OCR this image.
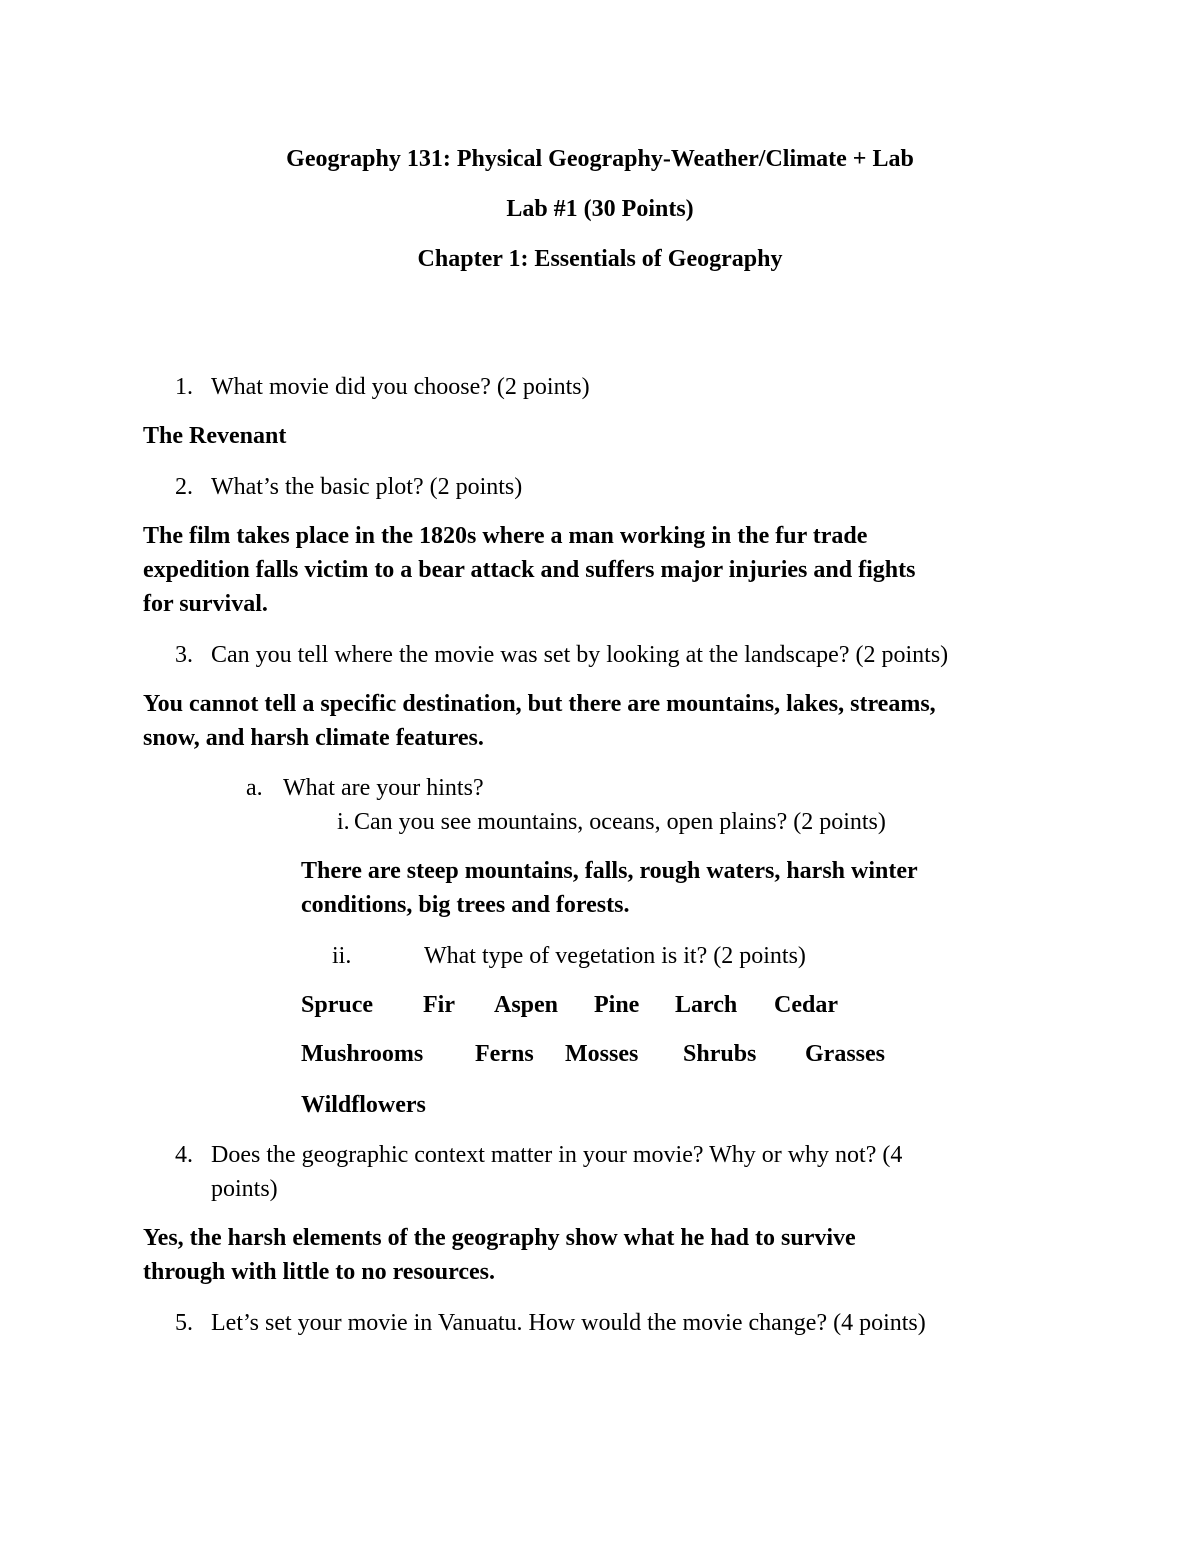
Geography 131: Physical Geography-Weather/Climate + Lab
Lab #1 (30 Points)
Chapter 1: Essentials of Geography
1. What movie did you choose? (2 points)
The Revenant
2. What’s the basic plot? (2 points)
The film takes place in the 1820s where a man working in the fur trade
expedition falls victim to a bear attack and suffers major injuries and fights
for survival.
3. Can you tell where the movie was set by looking at the landscape? (2 points)
You cannot tell a specific destination, but there are mountains, lakes, streams,
snow, and harsh climate features.
a. What are your hints?
i. Can you see mountains, oceans, open plains? (2 points)
There are steep mountains, falls, rough waters, harsh winter
conditions, big trees and forests.
ii.	What type of vegetation is it? (2 points)
Spruce Fir Aspen Pine Larch Cedar
Mushrooms Ferns Mosses Shrubs Grasses
Wildflowers
4. Does the geographic context matter in your movie? Why or why not? (4
points)
Yes, the harsh elements of the geography show what he had to survive
through with little to no resources.
5. Let’s set your movie in Vanuatu. How would the movie change? (4 points)
